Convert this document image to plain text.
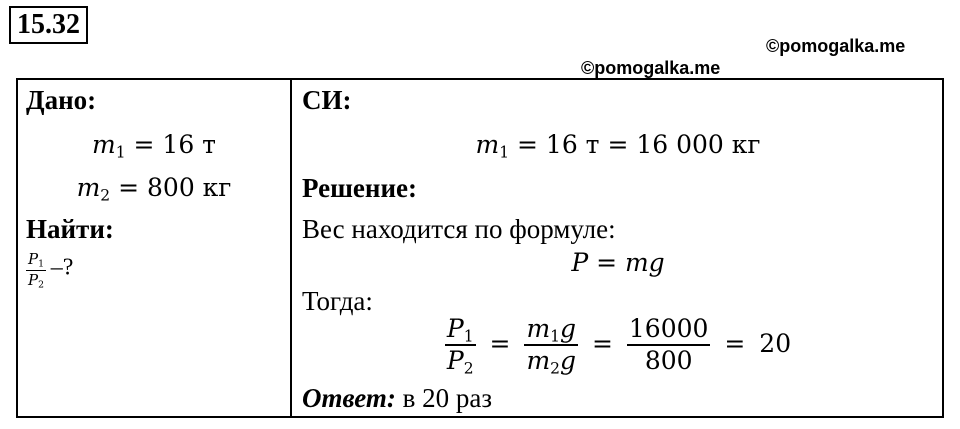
15.32
©pomogalka.me
©pomogalka.me
Дано:
$m_1 = 16$ т
$m_2 = 800$ кг
Найти:
$\frac{P_1}{P_2}$ –?
СИ:
$m_1 = 16$ т = 16 000 кг
Решение:
Вес находится по формуле:
P = mg
Тогда:
$\frac{P_1}{P_2} = \frac{m_1g}{m_2g} = \frac{16000}{800} = 20$
Ответ: в 20 раз
